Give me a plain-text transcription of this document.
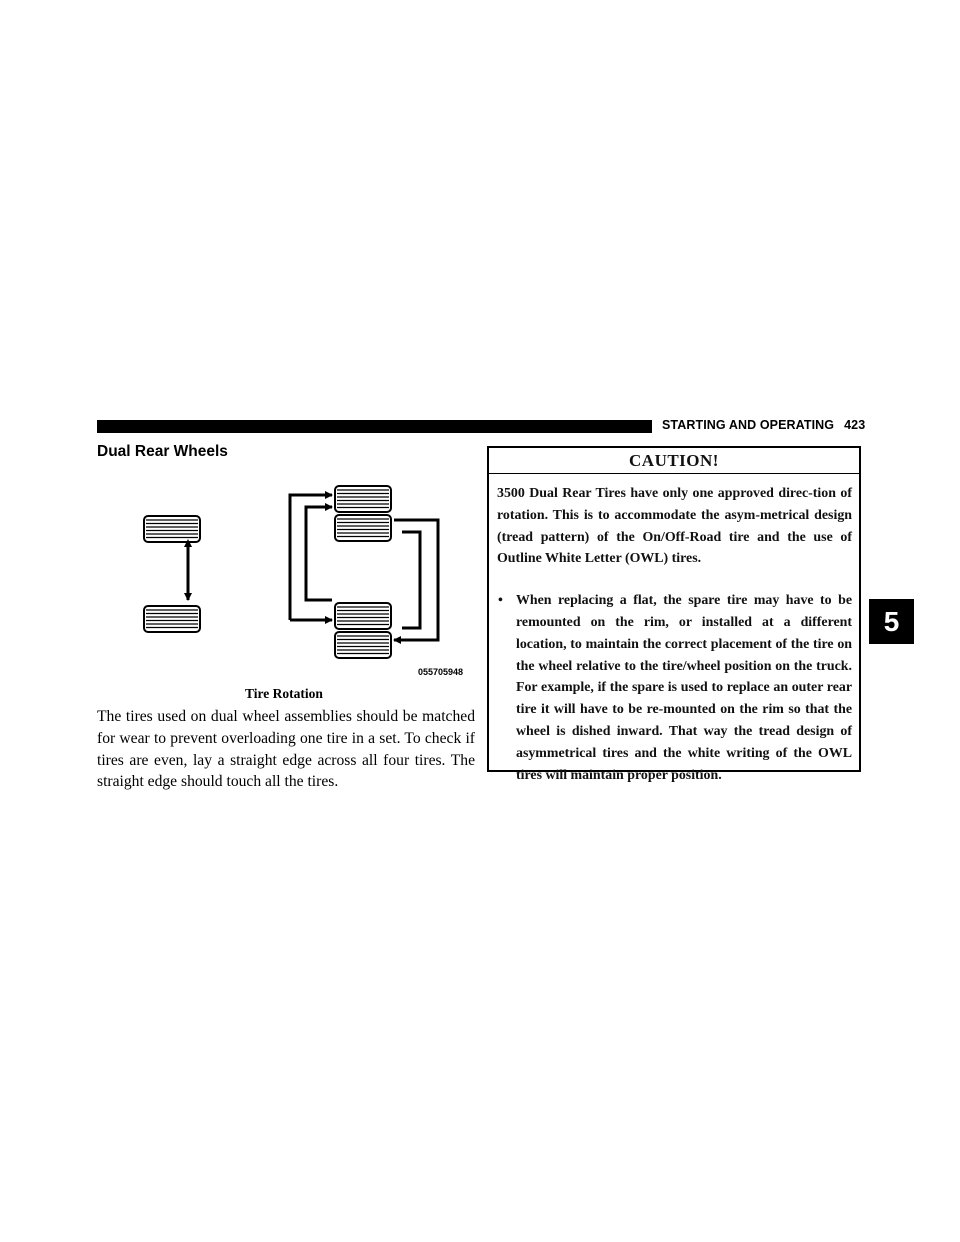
STARTING AND OPERATING 423
Dual Rear Wheels
055705948
Tire Rotation

The tires used on dual wheel assemblies should be matched for wear to prevent overloading one tire in a set. To check if tires are even, lay a straight edge across all four tires. The straight edge should touch all the tires.

CAUTION!

3500 Dual Rear Tires have only one approved direc-tion of rotation. This is to accommodate the asym-metrical design (tread pattern) of the On/Off-Road tire and the use of Outline White Letter (OWL) tires.

• When replacing a flat, the spare tire may have to be remounted on the rim, or installed at a different location, to maintain the correct placement of the tire on the wheel relative to the tire/wheel position on the truck. For example, if the spare is used to replace an outer rear tire it will have to be re-mounted on the rim so that the wheel is dished inward. That way the tread design of asymmetrical tires and the white writing of the OWL tires will maintain proper position.
5
